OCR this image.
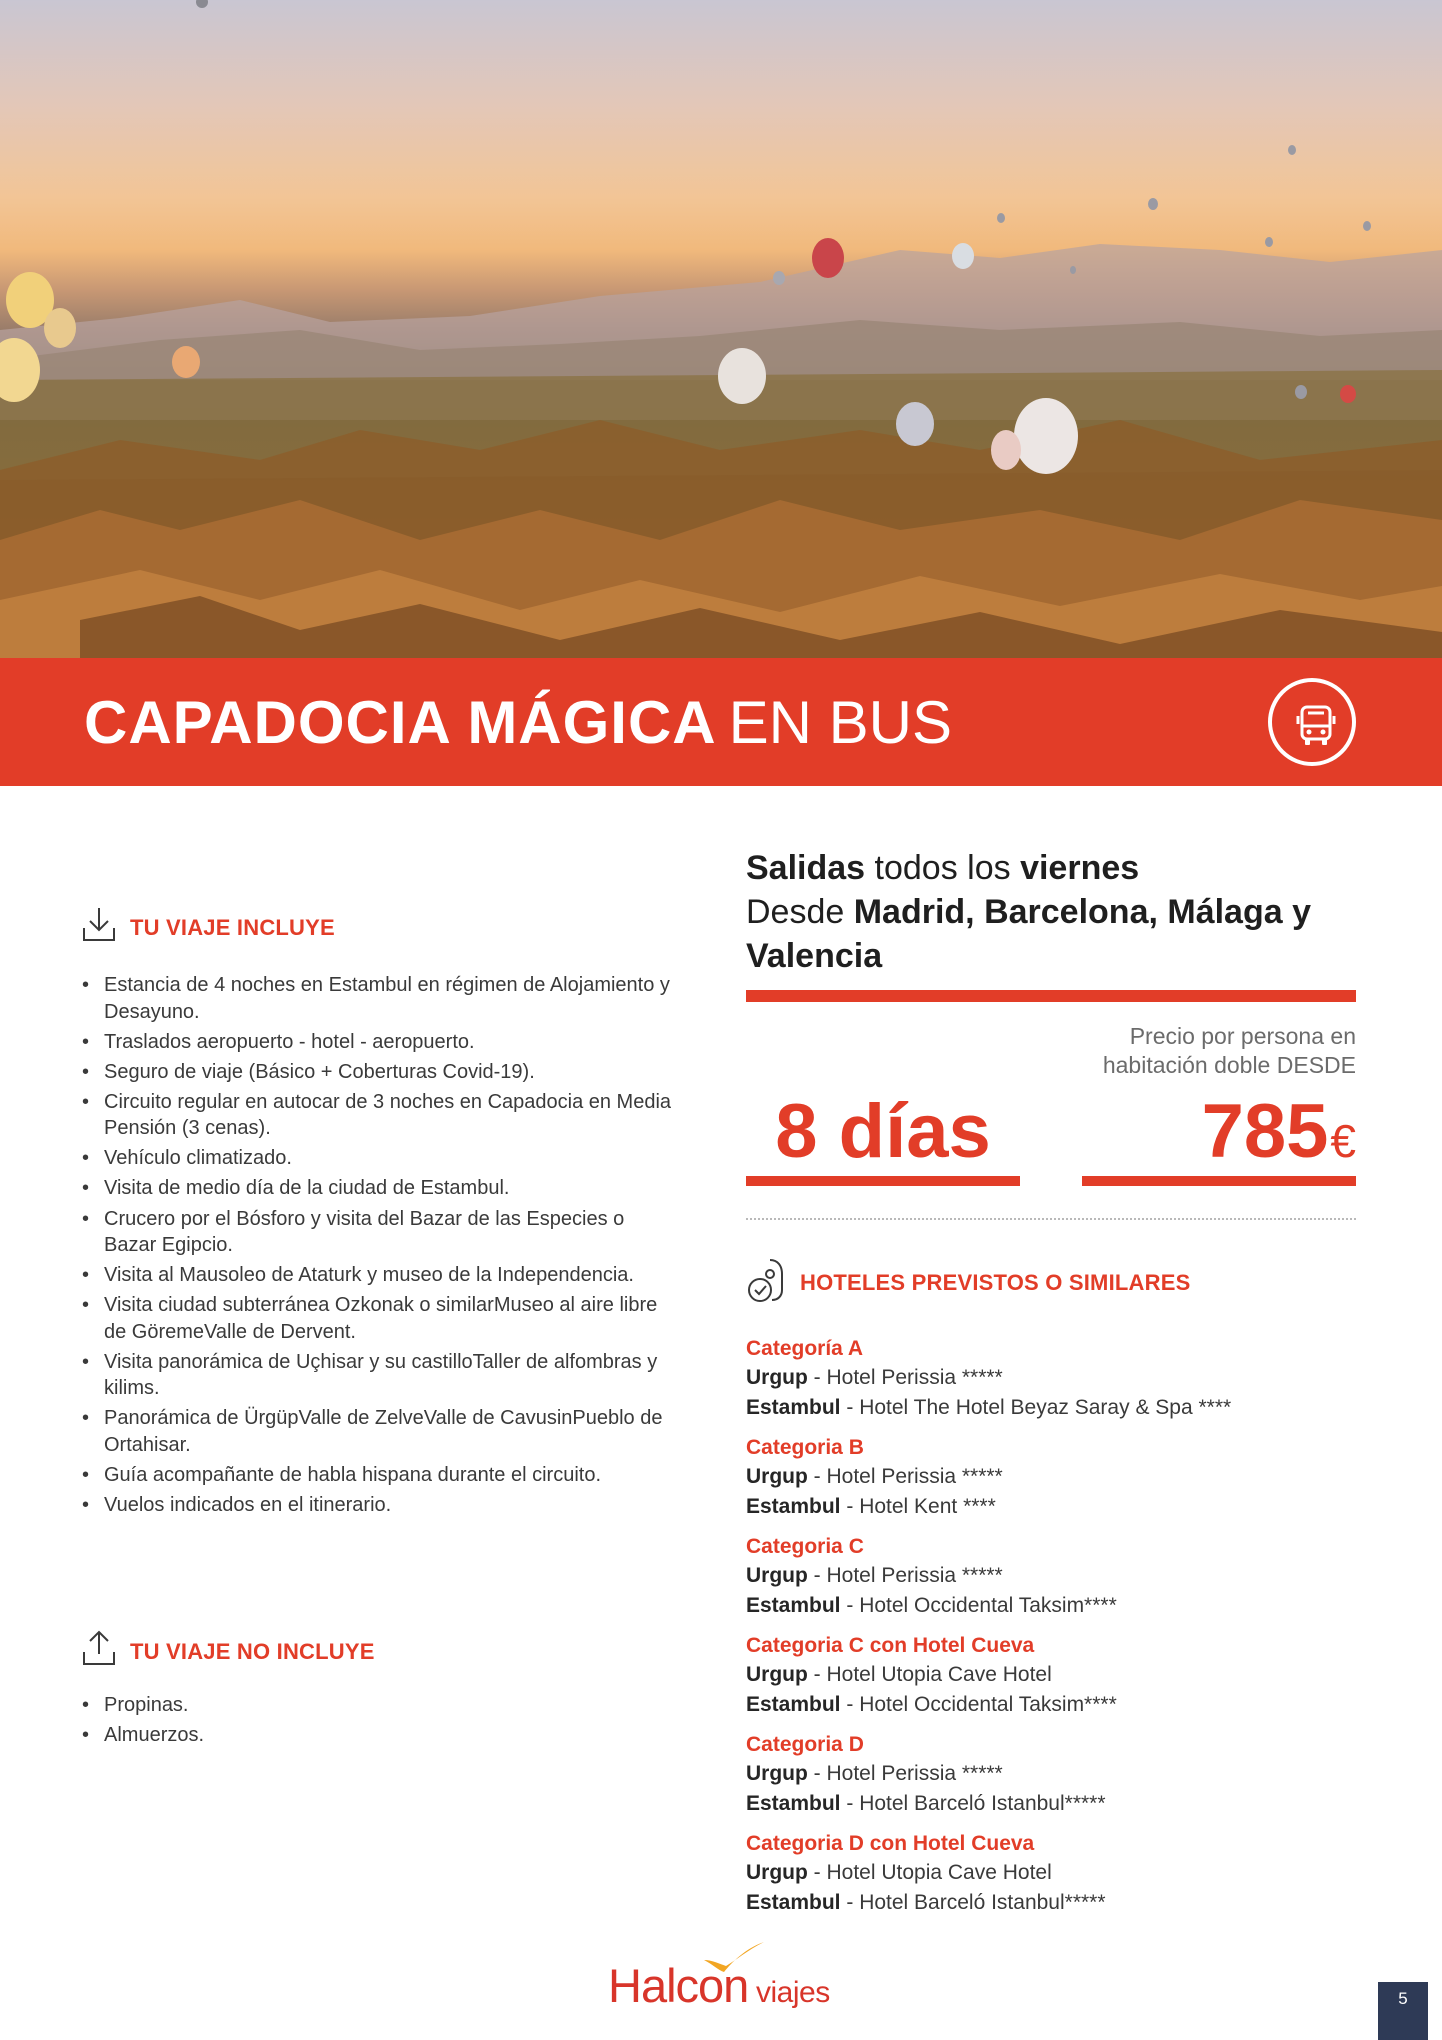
CAPADOCIA MÁGICA EN BUS
TU VIAJE INCLUYE
• Estancia de 4 noches en Estambul en régimen de Alojamiento y Desayuno.
• Traslados aeropuerto - hotel - aeropuerto.
• Seguro de viaje (Básico + Coberturas Covid-19).
• Circuito regular en autocar de 3 noches en Capadocia en Media Pensión (3 cenas).
• Vehículo climatizado.
• Visita de medio día de la ciudad de Estambul.
• Crucero por el Bósforo y visita del Bazar de las Especies o Bazar Egipcio.
• Visita al Mausoleo de Ataturk y museo de la Independencia.
• Visita ciudad subterránea Ozkonak o similarMuseo al aire libre de GöremeValle de Dervent.
• Visita panorámica de Uçhisar y su castilloTaller de alfombras y kilims.
• Panorámica de ÜrgüpValle de ZelveValle de CavusinPueblo de Ortahisar.
• Guía acompañante de habla hispana durante el circuito.
• Vuelos indicados en el itinerario.
TU VIAJE NO INCLUYE
• Propinas.
• Almuerzos.
Salidas todos los viernes
Desde Madrid, Barcelona, Málaga y Valencia
Precio por persona en
habitación doble DESDE
8 días	785€
HOTELES PREVISTOS O SIMILARES
Categoría A
Urgup - Hotel Perissia *****
Estambul - Hotel The Hotel Beyaz Saray & Spa ****
Categoria B
Urgup - Hotel Perissia *****
Estambul - Hotel Kent ****
Categoria C
Urgup - Hotel Perissia *****
Estambul - Hotel Occidental Taksim****
Categoria C con Hotel Cueva
Urgup - Hotel Utopia Cave Hotel
Estambul - Hotel Occidental Taksim****
Categoria D
Urgup - Hotel Perissia *****
Estambul - Hotel Barceló Istanbul*****
Categoria D con Hotel Cueva
Urgup - Hotel Utopia Cave Hotel
Estambul - Hotel Barceló Istanbul*****
Halcon viajes	5
